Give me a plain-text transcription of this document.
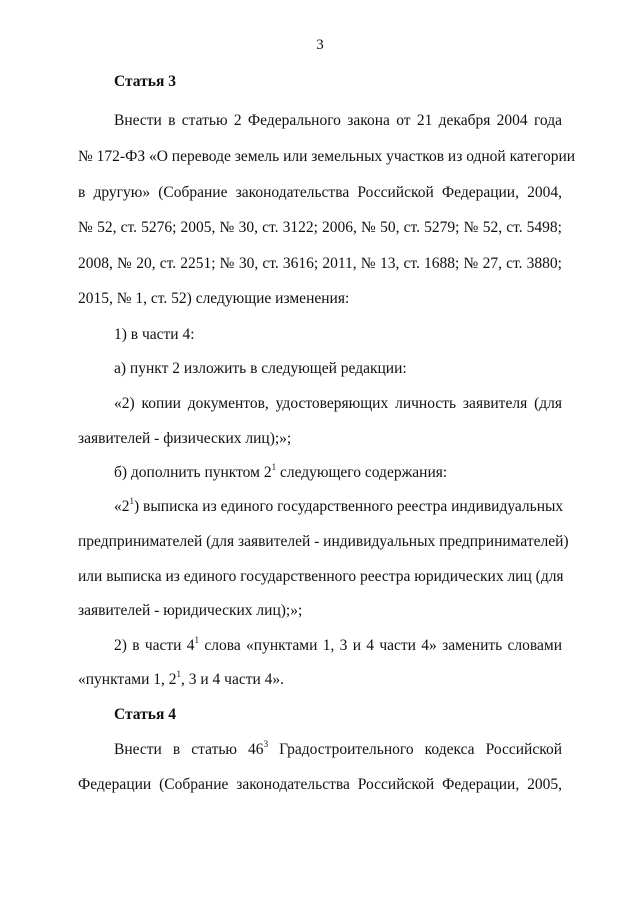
3
Статья 3
Внести в статью 2 Федерального закона от 21 декабря 2004 года
№ 172-ФЗ «О переводе земель или земельных участков из одной категории
в другую» (Собрание законодательства Российской Федерации, 2004,
№ 52, ст. 5276; 2005, № 30, ст. 3122; 2006, № 50, ст. 5279; № 52, ст. 5498;
2008, № 20, ст. 2251; № 30, ст. 3616; 2011, № 13, ст. 1688; № 27, ст. 3880;
2015, № 1, ст. 52) следующие изменения:
1) в части 4:
а) пункт 2 изложить в следующей редакции:
«2) копии документов, удостоверяющих личность заявителя (для
заявителей - физических лиц);»;
б) дополнить пунктом $2^1$ следующего содержания:
«$2^1$) выписка из единого государственного реестра индивидуальных
предпринимателей (для заявителей - индивидуальных предпринимателей)
или выписка из единого государственного реестра юридических лиц (для
заявителей - юридических лиц);»;
2) в части $4^1$ слова «пунктами 1, 3 и 4 части 4» заменить словами
«пунктами 1, $2^1$, 3 и 4 части 4».
Статья 4
Внести в статью $46^3$ Градостроительного кодекса Российской
Федерации (Собрание законодательства Российской Федерации, 2005,
